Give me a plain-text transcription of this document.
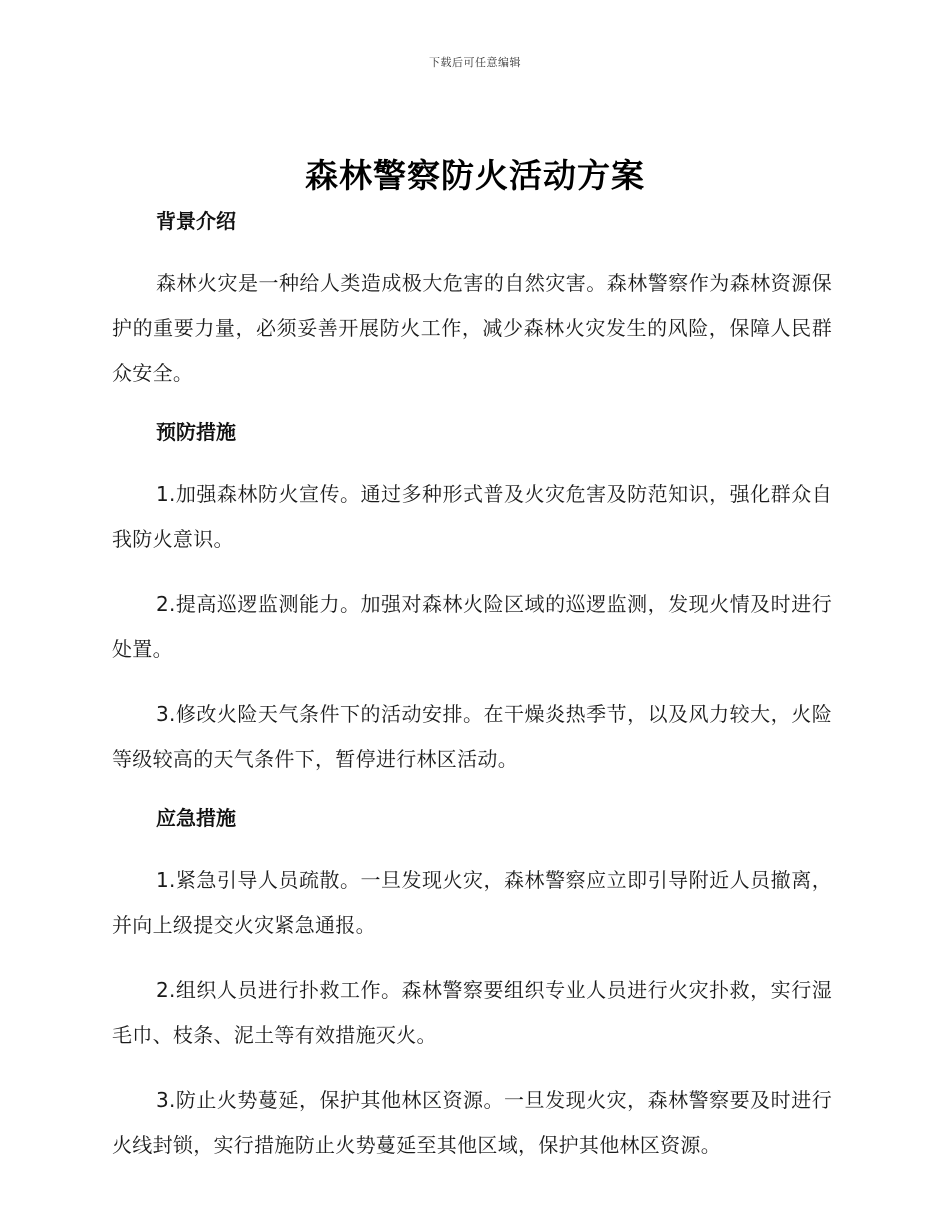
下载后可任意编辑
森林警察防火活动方案
背景介绍

森林火灾是一种给人类造成极大危害的自然灾害。森林警察作为森林资源保护的重要力量，必须妥善开展防火工作，减少森林火灾发生的风险，保障人民群众安全。

预防措施

1.加强森林防火宣传。通过多种形式普及火灾危害及防范知识，强化群众自我防火意识。

2.提高巡逻监测能力。加强对森林火险区域的巡逻监测，发现火情及时进行处置。

3.修改火险天气条件下的活动安排。在干燥炎热季节，以及风力较大，火险等级较高的天气条件下，暂停进行林区活动。

应急措施

1.紧急引导人员疏散。一旦发现火灾，森林警察应立即引导附近人员撤离，并向上级提交火灾紧急通报。

2.组织人员进行扑救工作。森林警察要组织专业人员进行火灾扑救，实行湿毛巾、枝条、泥土等有效措施灭火。

3.防止火势蔓延，保护其他林区资源。一旦发现火灾，森林警察要及时进行火线封锁，实行措施防止火势蔓延至其他区域，保护其他林区资源。
